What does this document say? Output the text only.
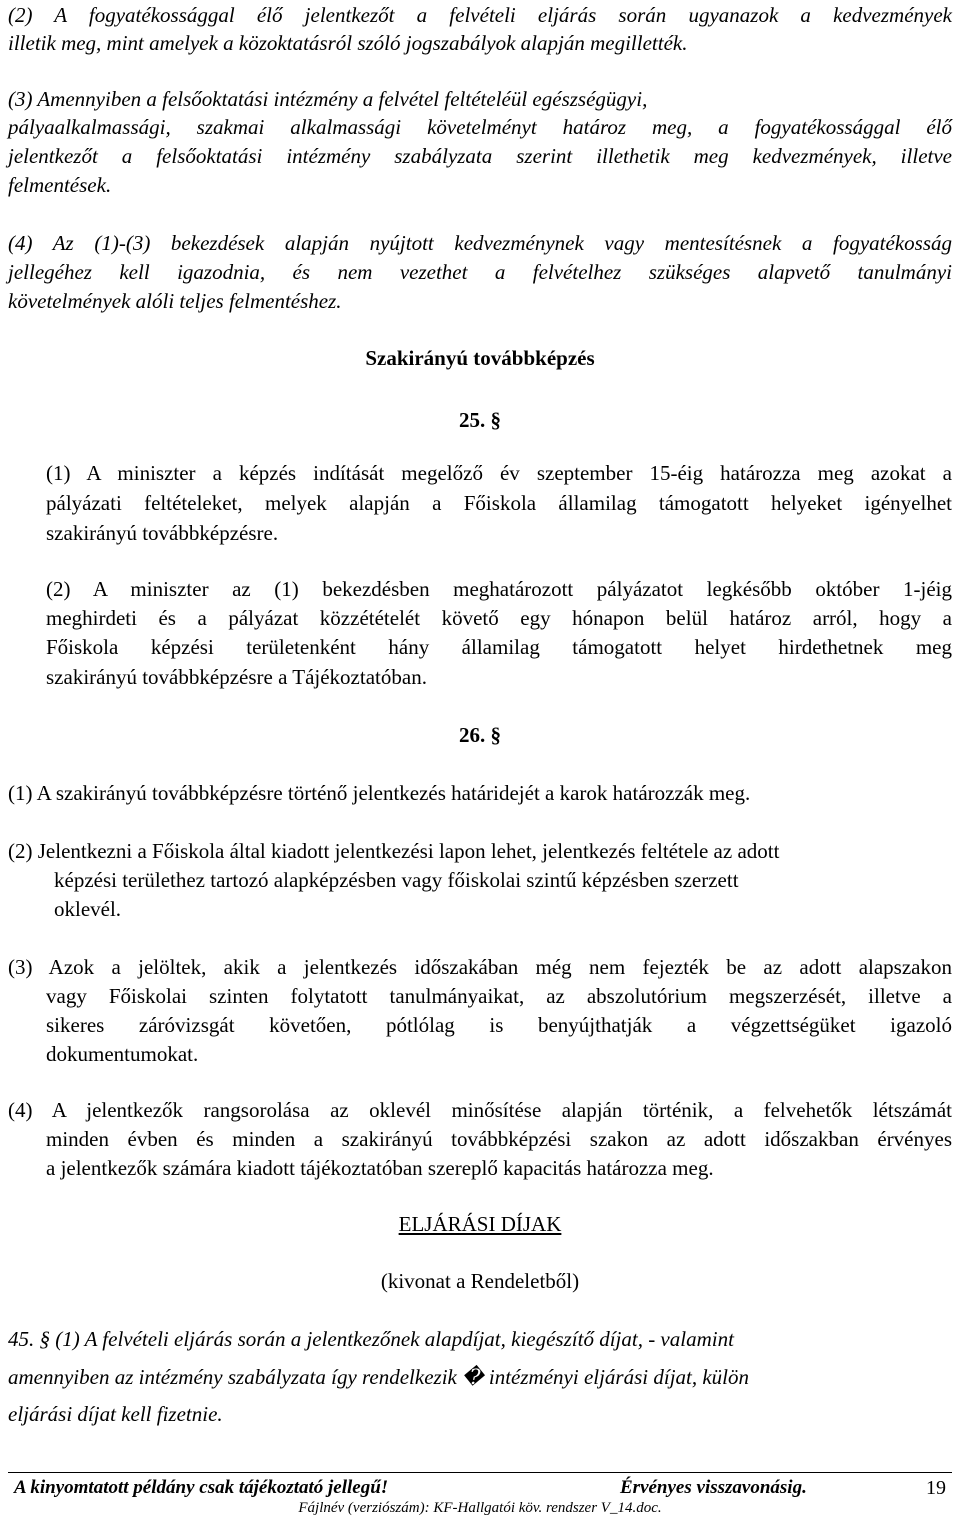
(2) A fogyatékossággal élő jelentkezőt a felvételi eljárás során ugyanazok a kedvezmények

illetik meg, mint amelyek a közoktatásról szóló jogszabályok alapján megillették.

(3) Amennyiben a felsőoktatási intézmény a felvétel feltételéül egészségügyi,

pályaalkalmassági, szakmai alkalmassági követelményt határoz meg, a fogyatékossággal élő

jelentkezőt a felsőoktatási intézmény szabályzata szerint illethetik meg kedvezmények, illetve

felmentések.

(4) Az (1)-(3) bekezdések alapján nyújtott kedvezménynek vagy mentesítésnek a fogyatékosság

jellegéhez kell igazodnia, és nem vezethet a felvételhez szükséges alapvető tanulmányi

követelmények alóli teljes felmentéshez.

Szakirányú továbbképzés

25. §

(1) A miniszter a képzés indítását megelőző év szeptember 15-éig határozza meg azokat a

pályázati feltételeket, melyek alapján a Főiskola államilag támogatott helyeket igényelhet

szakirányú továbbképzésre.

(2) A miniszter az (1) bekezdésben meghatározott pályázatot legkésőbb október 1-jéig

meghirdeti és a pályázat közzétételét követő egy hónapon belül határoz arról, hogy a

Főiskola képzési területenként hány államilag támogatott helyet hirdethetnek meg

szakirányú továbbképzésre a Tájékoztatóban.

26. §

(1) A szakirányú továbbképzésre történő jelentkezés határidejét a karok határozzák meg.

(2) Jelentkezni a Főiskola által kiadott jelentkezési lapon lehet, jelentkezés feltétele az adott

képzési területhez tartozó alapképzésben vagy főiskolai szintű képzésben szerzett

oklevél.

(3) Azok a jelöltek, akik a jelentkezés időszakában még nem fejezték be az adott alapszakon

vagy Főiskolai szinten folytatott tanulmányaikat, az abszolutórium megszerzését, illetve a

sikeres záróvizsgát követően, pótlólag is benyújthatják a végzettségüket igazoló

dokumentumokat.

(4) A jelentkezők rangsorolása az oklevél minősítése alapján történik, a felvehetők létszámát

minden évben és minden a szakirányú továbbképzési szakon az adott időszakban érvényes

a jelentkezők számára kiadott tájékoztatóban szereplő kapacitás határozza meg.

ELJÁRÁSI DÍJAK

(kivonat a Rendeletből)

45. § (1) A felvételi eljárás során a jelentkezőnek alapdíjat, kiegészítő díjat, - valamint

amennyiben az intézmény szabályzata így rendelkezik � intézményi eljárási díjat, külön

eljárási díjat kell fizetnie.

A kinyomtatott példány csak tájékoztató jellegű!	Érvényes visszavonásig.	19
Fájlnév (verziószám): KF-Hallgatói köv. rendszer V_14.doc.
